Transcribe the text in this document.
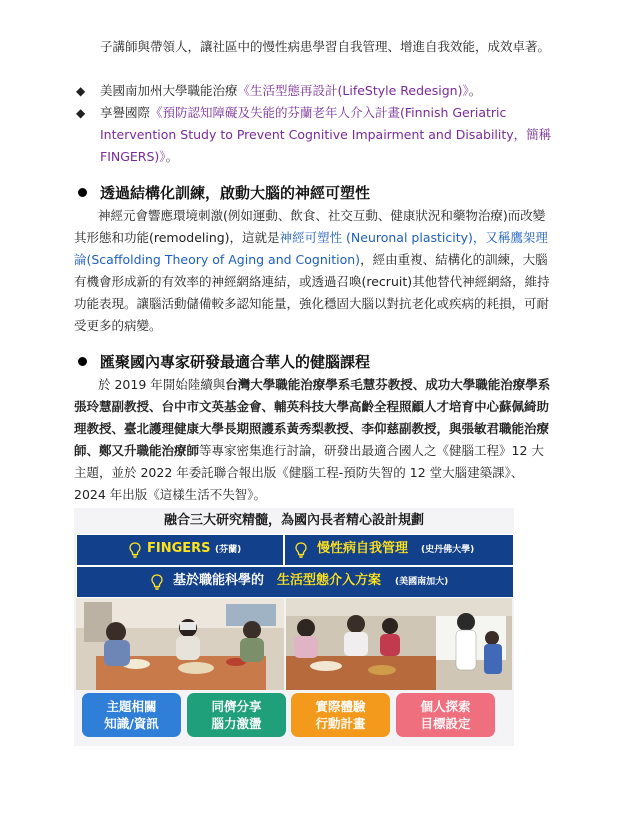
子講師與帶領人，讓社區中的慢性病患學習自我管理、增進自我效能，成效卓著。

◆ 美國南加州大學職能治療《生活型態再設計(LifeStyle Redesign)》。

◆ 享譽國際《預防認知障礙及失能的芬蘭老年人介入計畫(Finnish Geriatric Intervention Study to Prevent Cognitive Impairment and Disability，簡稱 FINGERS)》。

透過結構化訓練，啟動大腦的神經可塑性

神經元會響應環境刺激(例如運動、飲食、社交互動、健康狀況和藥物治療)而改變其形態和功能(remodeling)，這就是神經可塑性 (Neuronal plasticity)，又稱鷹架理論(Scaffolding Theory of Aging and Cognition)，經由重複、結構化的訓練，大腦有機會形成新的有效率的神經網絡連結，或透過召喚(recruit)其他替代神經網絡，維持功能表現。讓腦活動儲備較多認知能量，強化穩固大腦以對抗老化或疾病的耗損，可耐受更多的病變。

匯聚國內專家研發最適合華人的健腦課程

於 2019 年開始陸續與台灣大學職能治療學系毛慧芬教授、成功大學職能治療學系張玲慧副教授、台中市文英基金會、輔英科技大學高齡全程照顧人才培育中心蘇佩綺助理教授、臺北護理健康大學長期照護系黃秀梨教授、李仰慈副教授，與張敏君職能治療師、鄭又升職能治療師等專家密集進行討論，研發出最適合國人之《健腦工程》12 大主題，並於 2022 年委託聯合報出版《健腦工程-預防失智的 12 堂大腦建築課》、2024 年出版《這樣生活不失智》。

融合三大研究精髓，為國內長者精心設計規劃
FINGERS (芬蘭)	慢性病自我管理 (史丹佛大學)
基於職能科學的 生活型態介入方案 (美國南加大)
主題相關
知識/資訊
同儕分享
腦力激盪
實際體驗
行動計畫
個人探索
目標設定
